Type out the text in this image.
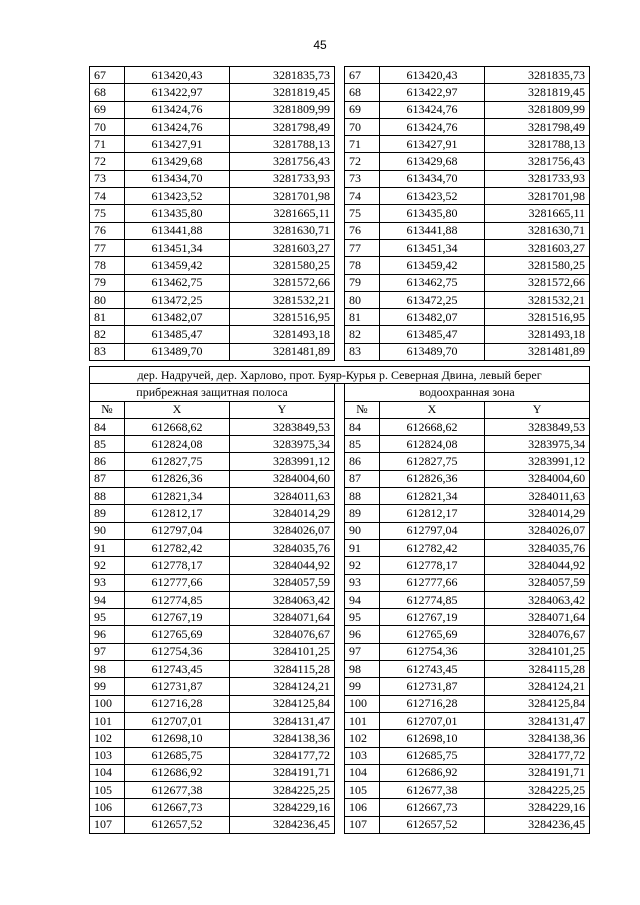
45
67	613420,43	3281835,73		67	613420,43	3281835,73
68	613422,97	3281819,45		68	613422,97	3281819,45
69	613424,76	3281809,99		69	613424,76	3281809,99
70	613424,76	3281798,49		70	613424,76	3281798,49
71	613427,91	3281788,13		71	613427,91	3281788,13
72	613429,68	3281756,43		72	613429,68	3281756,43
73	613434,70	3281733,93		73	613434,70	3281733,93
74	613423,52	3281701,98		74	613423,52	3281701,98
75	613435,80	3281665,11		75	613435,80	3281665,11
76	613441,88	3281630,71		76	613441,88	3281630,71
77	613451,34	3281603,27		77	613451,34	3281603,27
78	613459,42	3281580,25		78	613459,42	3281580,25
79	613462,75	3281572,66		79	613462,75	3281572,66
80	613472,25	3281532,21		80	613472,25	3281532,21
81	613482,07	3281516,95		81	613482,07	3281516,95
82	613485,47	3281493,18		82	613485,47	3281493,18
83	613489,70	3281481,89		83	613489,70	3281481,89
дер. Надручей, дер. Харлово, прот. Буяр-Курья р. Северная Двина, левый берег						
прибрежная защитная полоса				водоохранная зона		
№	X	Y		№	X	Y
84	612668,62	3283849,53		84	612668,62	3283849,53
85	612824,08	3283975,34		85	612824,08	3283975,34
86	612827,75	3283991,12		86	612827,75	3283991,12
87	612826,36	3284004,60		87	612826,36	3284004,60
88	612821,34	3284011,63		88	612821,34	3284011,63
89	612812,17	3284014,29		89	612812,17	3284014,29
90	612797,04	3284026,07		90	612797,04	3284026,07
91	612782,42	3284035,76		91	612782,42	3284035,76
92	612778,17	3284044,92		92	612778,17	3284044,92
93	612777,66	3284057,59		93	612777,66	3284057,59
94	612774,85	3284063,42		94	612774,85	3284063,42
95	612767,19	3284071,64		95	612767,19	3284071,64
96	612765,69	3284076,67		96	612765,69	3284076,67
97	612754,36	3284101,25		97	612754,36	3284101,25
98	612743,45	3284115,28		98	612743,45	3284115,28
99	612731,87	3284124,21		99	612731,87	3284124,21
100	612716,28	3284125,84		100	612716,28	3284125,84
101	612707,01	3284131,47		101	612707,01	3284131,47
102	612698,10	3284138,36		102	612698,10	3284138,36
103	612685,75	3284177,72		103	612685,75	3284177,72
104	612686,92	3284191,71		104	612686,92	3284191,71
105	612677,38	3284225,25		105	612677,38	3284225,25
106	612667,73	3284229,16		106	612667,73	3284229,16
107	612657,52	3284236,45		107	612657,52	3284236,45
